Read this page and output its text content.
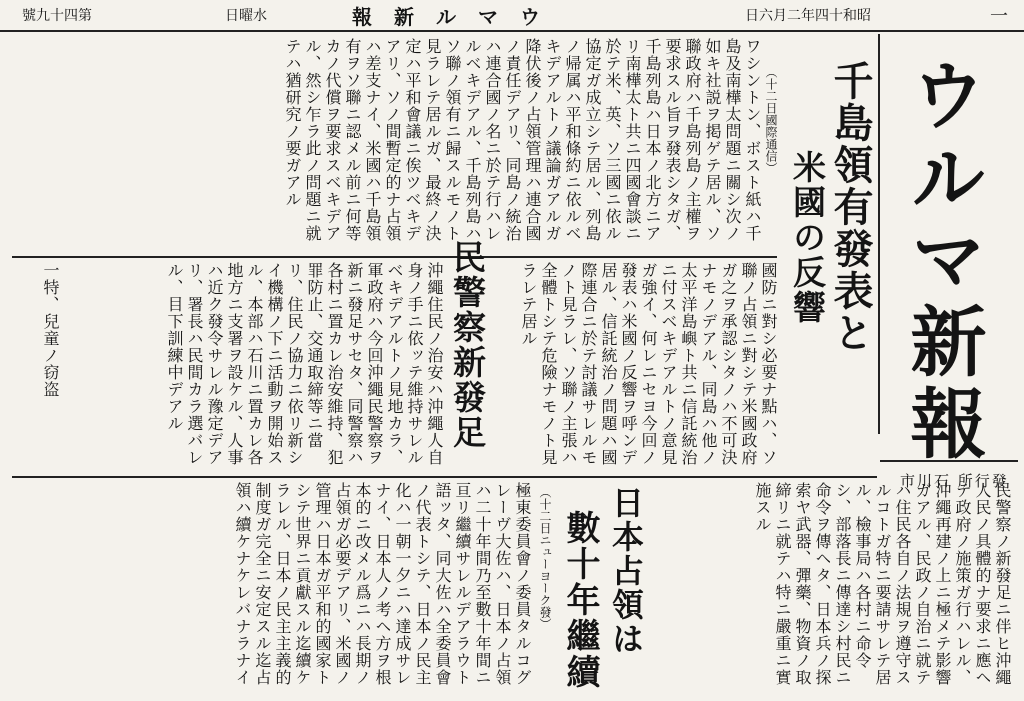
號九十四第	日曜水	報新ルマウ	日六月二年四十和昭	一
ウルマ新報
市川石 所行發
千島領有發表と
米國の反響
（十二日國際通信）
ワシントン、ボスト紙ハ千島及南樺太問題ニ關シ次ノ如キ社説ヲ掲ゲテ居ル、ソ聯政府ハ千島列島ノ主權ヲ要求スル旨ヲ發表シタガ、千島列島ハ日本ノ北方ニアリ南樺太ト共ニ四國會談ニ於テ米、英、ソ三國ニ依ル協定ガ成立シテ居ル、列島ノ帰属ハ平和條約ニ依ルベキデアルトノ議論ガアルガ降伏後ノ占領管理ハ連合國ノ責任デアリ、同島ノ統治ハ連合國ノ名ニ於テ行ハレルベキデアル、千島列島ハソ聯ノ領有ニ歸スルモノト見ラレテ居ルガ、最終ノ決定ハ平和會議ニ俟ツベキデアリ、ソノ間暫定的ナ占領ハ差支ナイ、米國ハ千島領有ヲソ聯ニ認メル前ニ何等カノ代償ヲ要求スベキデアル、然シ乍ラ此ノ問題ニ就テハ猶研究ノ要ガアル
國防ニ對シ必要ナ點ハ、ソ聯ノ占領ニ對シテ米國政府ガ之ヲ承認シタノハ不可決ナモノデアル、同島ハ他ノ太平洋島嶼ト共ニ信託統治ニ付スベキデアルトノ意見ガ強イ、何レニセヨ今回ノ發表ハ米國ノ反響ヲ呼ンデ居ル、信託統治ノ問題ハ國際連合ニ於テ討議サレルモノト見ラレ、ソ聯ノ主張ハ全體トシテ危險ナモノト見ラレテ居ル
民警察新發足
沖繩住民ノ治安ハ沖繩人自身ノ手ニ依ッテ維持サレルベキデアルトノ見地カラ、軍政府ハ今回沖繩民警察ヲ新ニ發足サセタ、同警察ハ各村ニ置カレ治安維持、犯罪防止、交通取締等ニ當リ、住民ノ協力ニ依リ新シイ機構ノ下ニ活動ヲ開始スル、本部ハ石川ニ置カレ各地方ニ支署ヲ設ケル、人事ハ近ク發令サレル豫定デアリ、署長ハ民間カラ選バレル、目下訓練中デアル
一特、兒童ノ窃盗
民警察ノ新發足ニ伴ヒ沖繩人民ノ具體的ナ要求ニ應ヘテ政府ノ施策ガ行ハレル、沖繩再建ノ上ニ極メテ影響ガアル、民政ノ自治ニ就テハ住民各自ノ法規ヲ遵守スルコトガ特ニ要請サレテ居ル、檢事局ハ各村ニ命令シ、部落長ニ傳達シ村民ニ命令ヲ傳ヘタ、日本兵ノ探索ヤ武器、彈藥、物資ノ取締リニ就テハ特ニ嚴重ニ實施スル
日本占領は
數十年繼續
（十二日ニューヨーク發）
極東委員會ノ委員タルコグレーヴ大佐ハ、日本ノ占領ハ二十年間乃至數十年間ニ亘リ繼續サレルデアラウト語ッタ、同大佐ハ全委員會ノ代表トシテ、日本ノ民主化ハ一朝一夕ニハ達成サレナイ、日本人ノ考ヘ方ヲ根本的ニ改メル爲ニハ長期ノ占領ガ必要デアリ、米國ノ管理ハ日本ガ平和的國家トシテ世界ニ貢獻スル迄續ケラレル、日本ノ民主主義的制度ガ完全ニ安定スル迄占領ハ續ケナケレバナラナイ
